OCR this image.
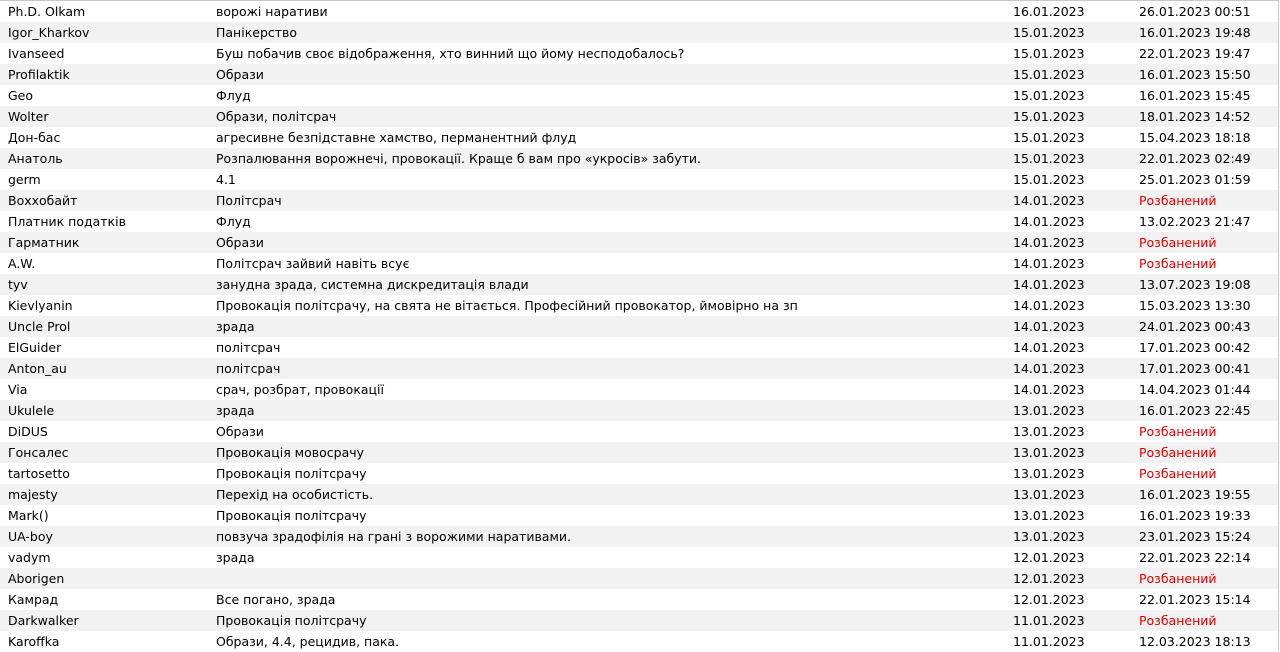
Ph.D. Olkam	ворожі наративи	16.01.2023	26.01.2023 00:51
Igor_Kharkov	Панікерство	15.01.2023	16.01.2023 19:48
Ivanseed	Буш побачив своє відображення, хто винний що йому несподобалось?	15.01.2023	22.01.2023 19:47
Profilaktik	Образи	15.01.2023	16.01.2023 15:50
Geo	Флуд	15.01.2023	16.01.2023 15:45
Wolter	Образи, політсрач	15.01.2023	18.01.2023 14:52
Дон-бас	агресивне безпідставне хамство, перманентний флуд	15.01.2023	15.04.2023 18:18
Анатоль	Розпалювання ворожнечі, провокації. Краще б вам про «укросів» забути.	15.01.2023	22.01.2023 02:49
germ	4.1	15.01.2023	25.01.2023 01:59
Воххобайт	Політсрач	14.01.2023	Розбанений
Платник податків	Флуд	14.01.2023	13.02.2023 21:47
Гарматник	Образи	14.01.2023	Розбанений
A.W.	Політсрач зайвий навіть всує	14.01.2023	Розбанений
tyv	занудна зрада, системна дискредитація влади	14.01.2023	13.07.2023 19:08
Kievlyanin	Провокація політсрачу, на свята не вітається. Професійний провокатор, ймовірно на зп	14.01.2023	15.03.2023 13:30
Uncle Prol	зрада	14.01.2023	24.01.2023 00:43
ElGuider	політсрач	14.01.2023	17.01.2023 00:42
Anton_au	політсрач	14.01.2023	17.01.2023 00:41
Via	срач, розбрат, провокації	14.01.2023	14.04.2023 01:44
Ukulele	зрада	13.01.2023	16.01.2023 22:45
DiDUS	Образи	13.01.2023	Розбанений
Гонсалес	Провокація мовосрачу	13.01.2023	Розбанений
tartosetto	Провокація політсрачу	13.01.2023	Розбанений
majesty	Перехід на особистість.	13.01.2023	16.01.2023 19:55
Mark()	Провокація політсрачу	13.01.2023	16.01.2023 19:33
UA-boy	повзуча зрадофілія на грані з ворожими наративами.	13.01.2023	23.01.2023 15:24
vadym	зрада	12.01.2023	22.01.2023 22:14
Aborigen		12.01.2023	Розбанений
Камрад	Все погано, зрада	12.01.2023	22.01.2023 15:14
Darkwalker	Провокація політсрачу	11.01.2023	Розбанений
Karoffka	Образи, 4.4, рецидив, пака.	11.01.2023	12.03.2023 18:13
